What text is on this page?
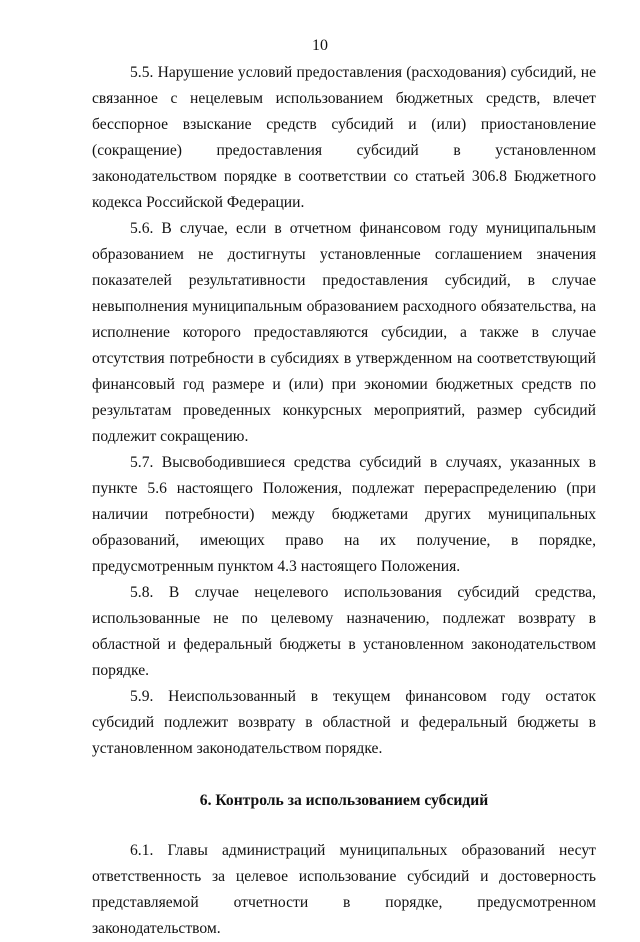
10

5.5. Нарушение условий предоставления (расходования) субсидий, не связанное с нецелевым использованием бюджетных средств, влечет бесспорное взыскание средств субсидий и (или) приостановление (сокращение) предоставления субсидий в установленном законодательством порядке в соответствии со статьей 306.8 Бюджетного кодекса Российской Федерации.

5.6. В случае, если в отчетном финансовом году муниципальным образованием не достигнуты установленные соглашением значения показателей результативности предоставления субсидий, в случае невыполнения муниципальным образованием расходного обязательства, на исполнение которого предоставляются субсидии, а также в случае отсутствия потребности в субсидиях в утвержденном на соответствующий финансовый год размере и (или) при экономии бюджетных средств по результатам проведенных конкурсных мероприятий, размер субсидий подлежит сокращению.

5.7. Высвободившиеся средства субсидий в случаях, указанных в пункте 5.6 настоящего Положения, подлежат перераспределению (при наличии потребности) между бюджетами других муниципальных образований, имеющих право на их получение, в порядке, предусмотренным пунктом 4.3 настоящего Положения.

5.8. В случае нецелевого использования субсидий средства, использованные не по целевому назначению, подлежат возврату в областной и федеральный бюджеты в установленном законодательством порядке.

5.9. Неиспользованный в текущем финансовом году остаток субсидий подлежит возврату в областной и федеральный бюджеты в установленном законодательством порядке.

6. Контроль за использованием субсидий

6.1. Главы администраций муниципальных образований несут ответственность за целевое использование субсидий и достоверность представляемой отчетности в порядке, предусмотренном законодательством.
